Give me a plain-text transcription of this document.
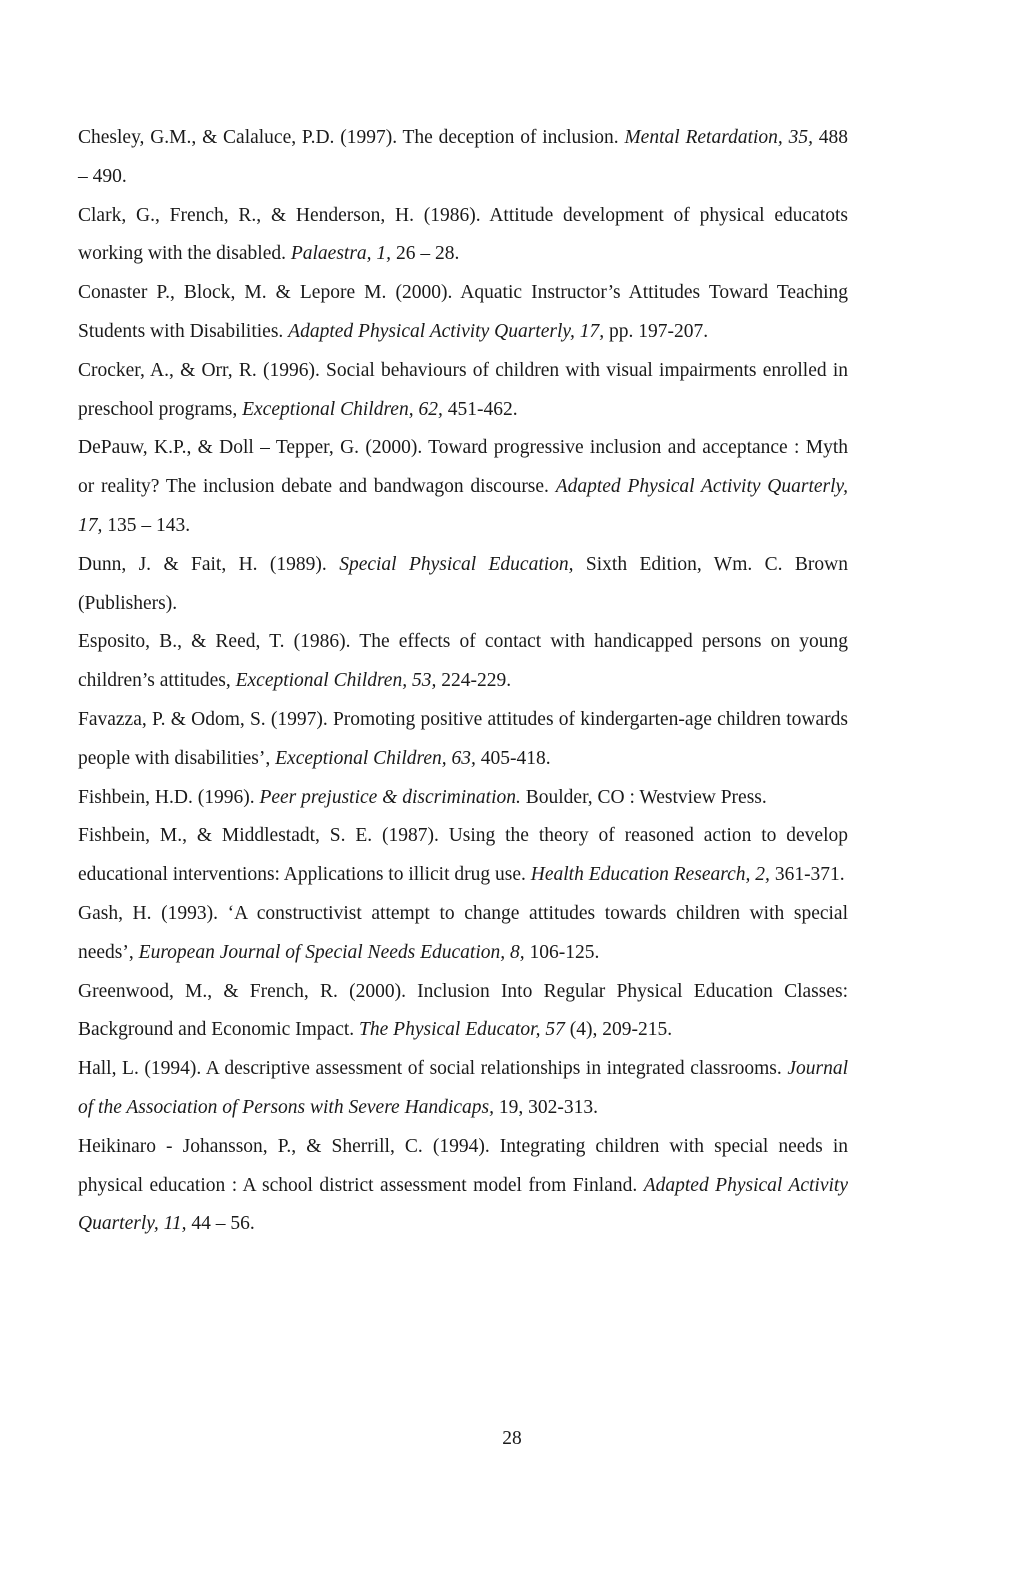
Chesley, G.M., & Calaluce, P.D. (1997). The deception of inclusion. Mental Retardation, 35, 488 – 490.

Clark, G., French, R., & Henderson, H. (1986). Attitude development of physical educatots working with the disabled. Palaestra, 1, 26 – 28.

Conaster P., Block, M. & Lepore M. (2000). Aquatic Instructor’s Attitudes Toward Teaching Students with Disabilities. Adapted Physical Activity Quarterly, 17, pp. 197-207.

Crocker, A., & Orr, R. (1996). Social behaviours of children with visual impairments enrolled in preschool programs, Exceptional Children, 62, 451-462.

DePauw, K.P., & Doll – Tepper, G. (2000). Toward progressive inclusion and acceptance : Myth or reality? The inclusion debate and bandwagon discourse. Adapted Physical Activity Quarterly, 17, 135 – 143.

Dunn, J. & Fait, H. (1989). Special Physical Education, Sixth Edition, Wm. C. Brown (Publishers).

Esposito, B., & Reed, T. (1986). The effects of contact with handicapped persons on young children’s attitudes, Exceptional Children, 53, 224-229.

Favazza, P. & Odom, S. (1997). Promoting positive attitudes of kindergarten-age children towards people with disabilities’, Exceptional Children, 63, 405-418.

Fishbein, H.D. (1996). Peer prejustice & discrimination. Boulder, CO : Westview Press.

Fishbein, M., & Middlestadt, S. E. (1987). Using the theory of reasoned action to develop educational interventions: Applications to illicit drug use. Health Education Research, 2, 361-371.

Gash, H. (1993). ‘A constructivist attempt to change attitudes towards children with special needs’, European Journal of Special Needs Education, 8, 106-125.

Greenwood, M., & French, R. (2000). Inclusion Into Regular Physical Education Classes: Background and Economic Impact. The Physical Educator, 57 (4), 209-215.

Hall, L. (1994). A descriptive assessment of social relationships in integrated classrooms. Journal of the Association of Persons with Severe Handicaps, 19, 302-313.

Heikinaro - Johansson, P., & Sherrill, C. (1994). Integrating children with special needs in physical education : A school district assessment model from Finland. Adapted Physical Activity Quarterly, 11, 44 – 56.

28
